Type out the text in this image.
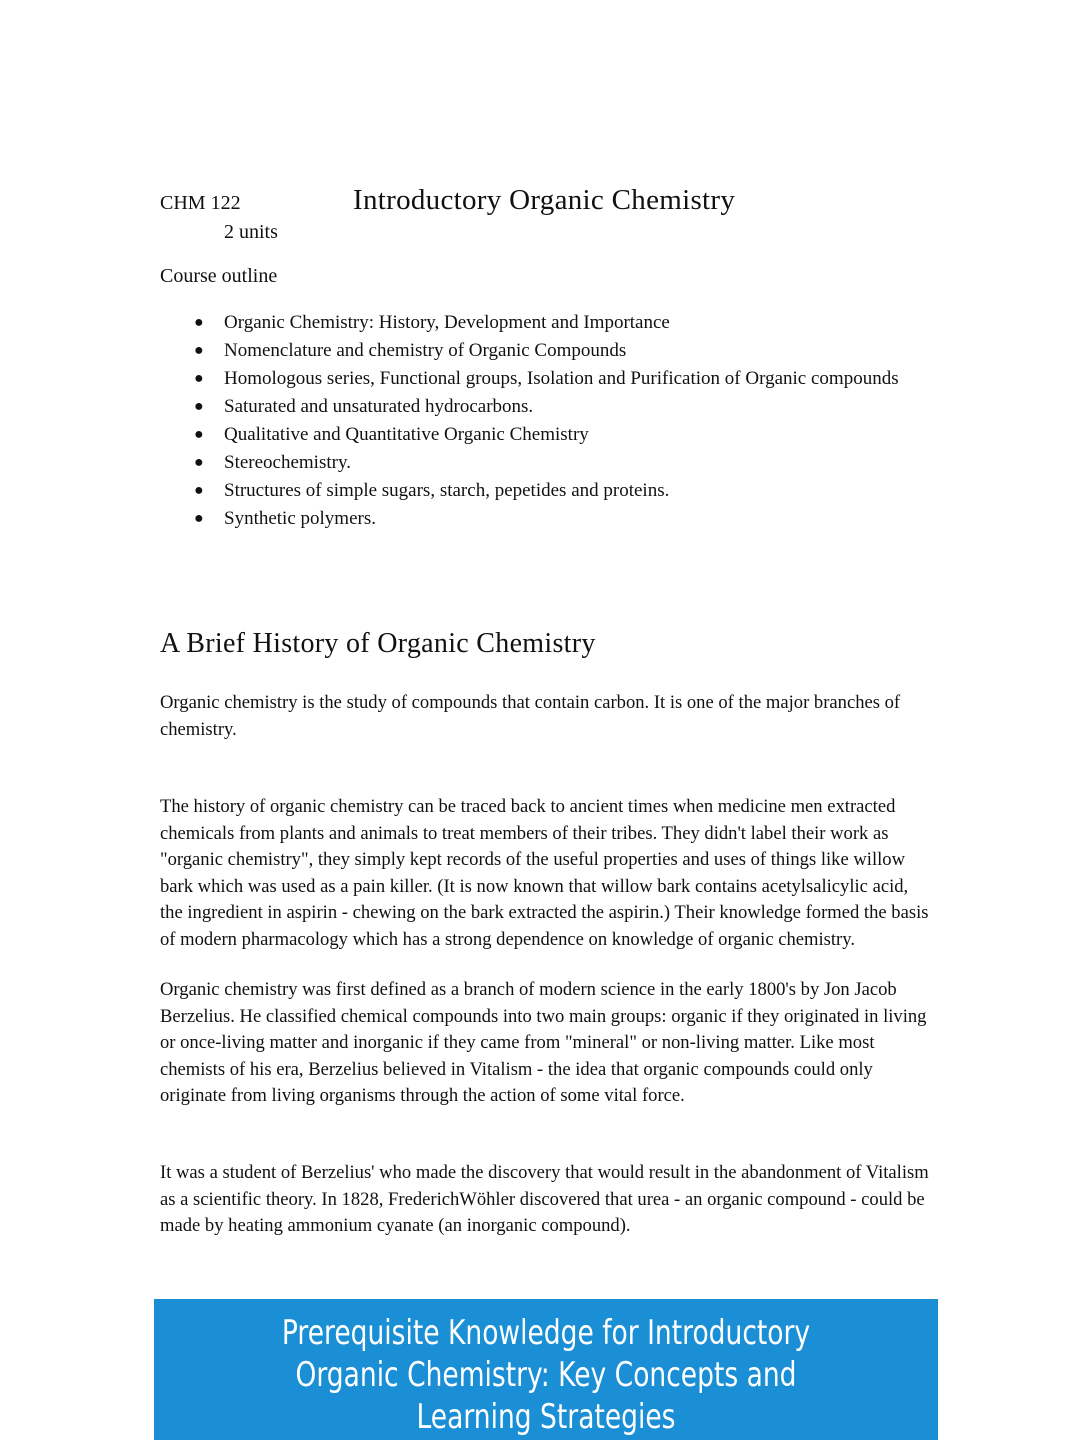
CHM 122
2 units
Introductory Organic Chemistry
Course outline
● Organic Chemistry: History, Development and Importance
● Nomenclature and chemistry of Organic Compounds
● Homologous series, Functional groups, Isolation and Purification of Organic compounds
● Saturated and unsaturated hydrocarbons.
● Qualitative and Quantitative Organic Chemistry
● Stereochemistry.
● Structures of simple sugars, starch, pepetides and proteins.
● Synthetic polymers.
A Brief History of Organic Chemistry

Organic chemistry is the study of compounds that contain carbon. It is one of the major branches of chemistry.

The history of organic chemistry can be traced back to ancient times when medicine men extracted chemicals from plants and animals to treat members of their tribes. They didn't label their work as "organic chemistry", they simply kept records of the useful properties and uses of things like willow bark which was used as a pain killer. (It is now known that willow bark contains acetylsalicylic acid, the ingredient in aspirin - chewing on the bark extracted the aspirin.) Their knowledge formed the basis of modern pharmacology which has a strong dependence on knowledge of organic chemistry.

Organic chemistry was first defined as a branch of modern science in the early 1800's by Jon Jacob Berzelius. He classified chemical compounds into two main groups: organic if they originated in living or once-living matter and inorganic if they came from "mineral" or non-living matter. Like most chemists of his era, Berzelius believed in Vitalism - the idea that organic compounds could only originate from living organisms through the action of some vital force.

It was a student of Berzelius' who made the discovery that would result in the abandonment of Vitalism as a scientific theory. In 1828, FrederichWöhler discovered that urea - an organic compound - could be made by heating ammonium cyanate (an inorganic compound).

Prerequisite Knowledge for Introductory Organic Chemistry: Key Concepts and Learning Strategies
